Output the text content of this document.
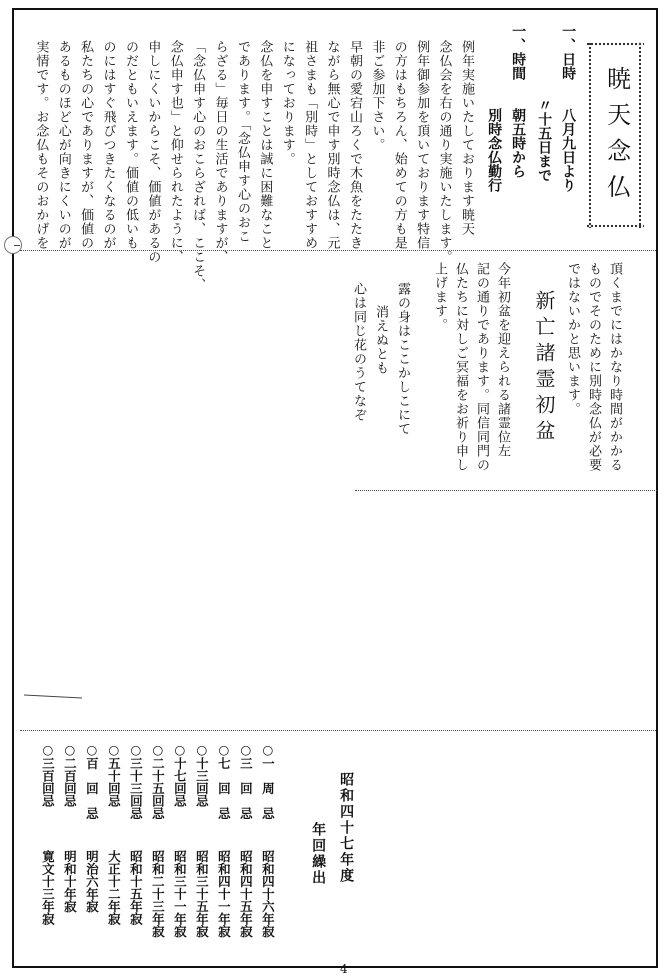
暁天念仏
一、日時
八月九日より
〃十五日まで
一、時間
朝五時から
別時念仏勤行
例年実施いたしております暁天
念仏会を右の通り実施いたします。
例年御参加を頂いております特信
の方はもちろん、始めての方も是
非ご参加下さい。
早朝の愛宕山ろくで木魚をたたき
ながら無心で申す別時念仏は、元
祖さまも「別時」としておすすめ
になっております。
念仏を申すことは誠に困難なこと
であります。「念仏申す心のおこ
らざる」毎日の生活でありますが、
「念仏申す心のおこらざれば、ここそ、
念仏申す也」と仰せられたように、
申しにくいからこそ、価値があるの
のだともいえます。価値の低いも
のにはすぐ飛びつきたくなるのが
私たちの心でありますが、価値の
あるものほど心が向きにくいのが
実情です。お念仏もそのおかげを
頂くまでにはかなり時間がかかる
ものでそのために別時念仏が必要
ではないかと思います。
新亡諸霊初盆
今年初盆を迎えられる諸霊位左
記の通りであります。同信同門の
仏たちに対しご冥福をお祈り申し
上げます。
露の身はここかしこにて
消えぬとも
心は同じ花のうてなぞ
昭和四十七年度
年回繰出
○一　周　忌
昭和四十六年寂
○三　回　忌
昭和四十五年寂
○七　回　忌
昭和四十一年寂
○十三回忌
昭和三十五年寂
○十七回忌
昭和三十一年寂
○二十五回忌
昭和二十三年寂
○三十三回忌
昭和十五年寂
○五十回忌
大正十二年寂
○百　回　忌
明治六年寂
○二百回忌
明和十年寂
○三百回忌
寛文十三年寂
4
